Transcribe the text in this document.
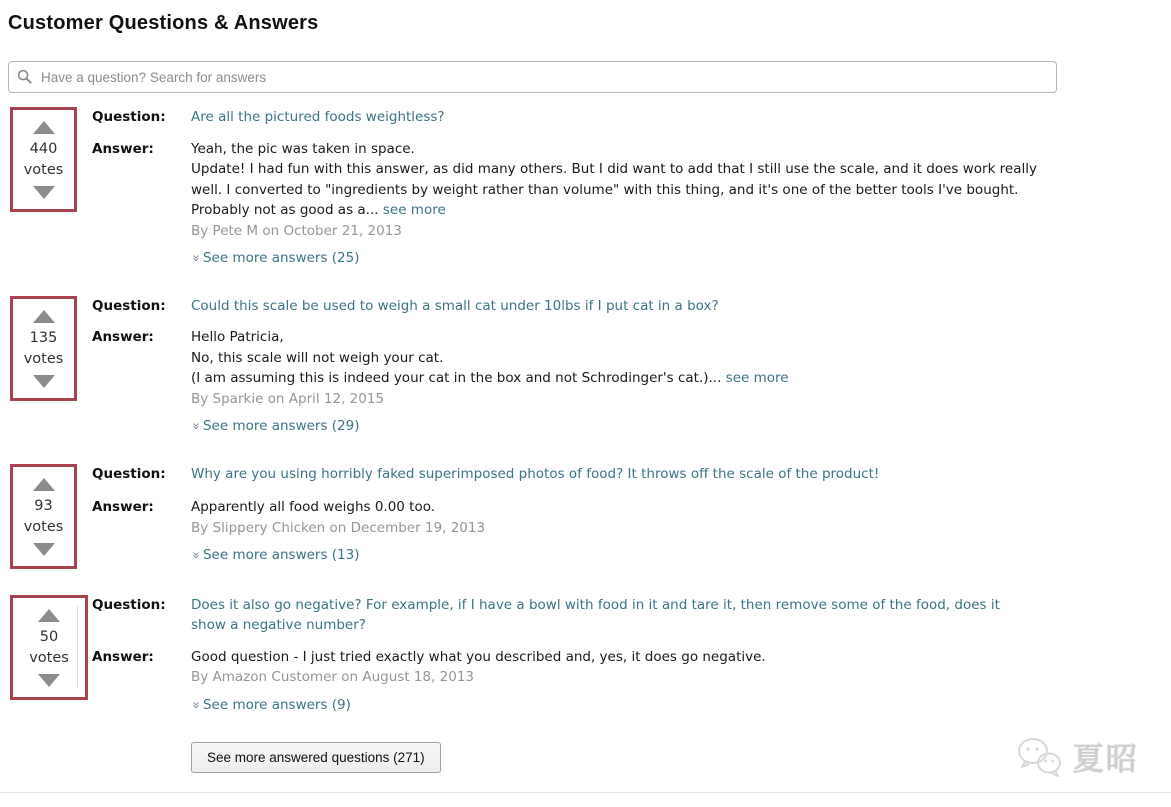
Customer Questions & Answers
Have a question? Search for answers
440
votes
Question:	Are all the pictured foods weightless?
Answer:	Yeah, the pic was taken in space.
Update! I had fun with this answer, as did many others. But I did want to add that I still use the scale, and it does work really well. I converted to "ingredients by weight rather than volume" with this thing, and it's one of the better tools I've bought. Probably not as good as a... see more
By Pete M on October 21, 2013
»See more answers (25)
135
votes
Question:	Could this scale be used to weigh a small cat under 10lbs if I put cat in a box?
Answer:	Hello Patricia,
No, this scale will not weigh your cat.
(I am assuming this is indeed your cat in the box and not Schrodinger's cat.)... see more
By Sparkie on April 12, 2015
»See more answers (29)
93
votes
Question:	Why are you using horribly faked superimposed photos of food? It throws off the scale of the product!
Answer:	Apparently all food weighs 0.00 too.
By Slippery Chicken on December 19, 2013
»See more answers (13)
50
votes
Question:	Does it also go negative? For example, if I have a bowl with food in it and tare it, then remove some of the food, does it show a negative number?
Answer:	Good question - I just tried exactly what you described and, yes, it does go negative.
By Amazon Customer on August 18, 2013
»See more answers (9)
See more answered questions (271)	夏昭
